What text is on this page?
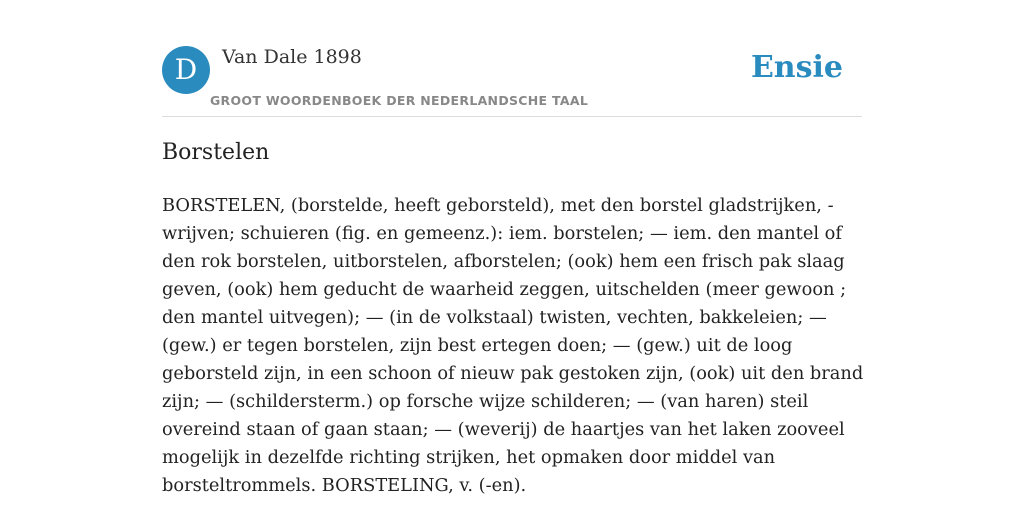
D	Van Dale 1898
GROOT WOORDENBOEK DER NEDERLANDSCHE TAAL
Ensie
Borstelen

BORSTELEN, (borstelde, heeft geborsteld), met den borstel gladstrijken, -wrijven; schuieren (fig. en gemeenz.): iem. borstelen; — iem. den mantel of den rok borstelen, uitborstelen, afborstelen; (ook) hem een frisch pak slaag geven, (ook) hem geducht de waarheid zeggen, uitschelden (meer gewoon ; den mantel uitvegen); — (in de volkstaal) twisten, vechten, bakkeleien; — (gew.) er tegen borstelen, zijn best ertegen doen; — (gew.) uit de loog geborsteld zijn, in een schoon of nieuw pak gestoken zijn, (ook) uit den brand zijn; — (schildersterm.) op forsche wijze schilderen; — (van haren) steil overeind staan of gaan staan; — (weverij) de haartjes van het laken zooveel mogelijk in dezelfde richting strijken, het opmaken door middel van borsteltrommels. BORSTELING, v. (-en).
